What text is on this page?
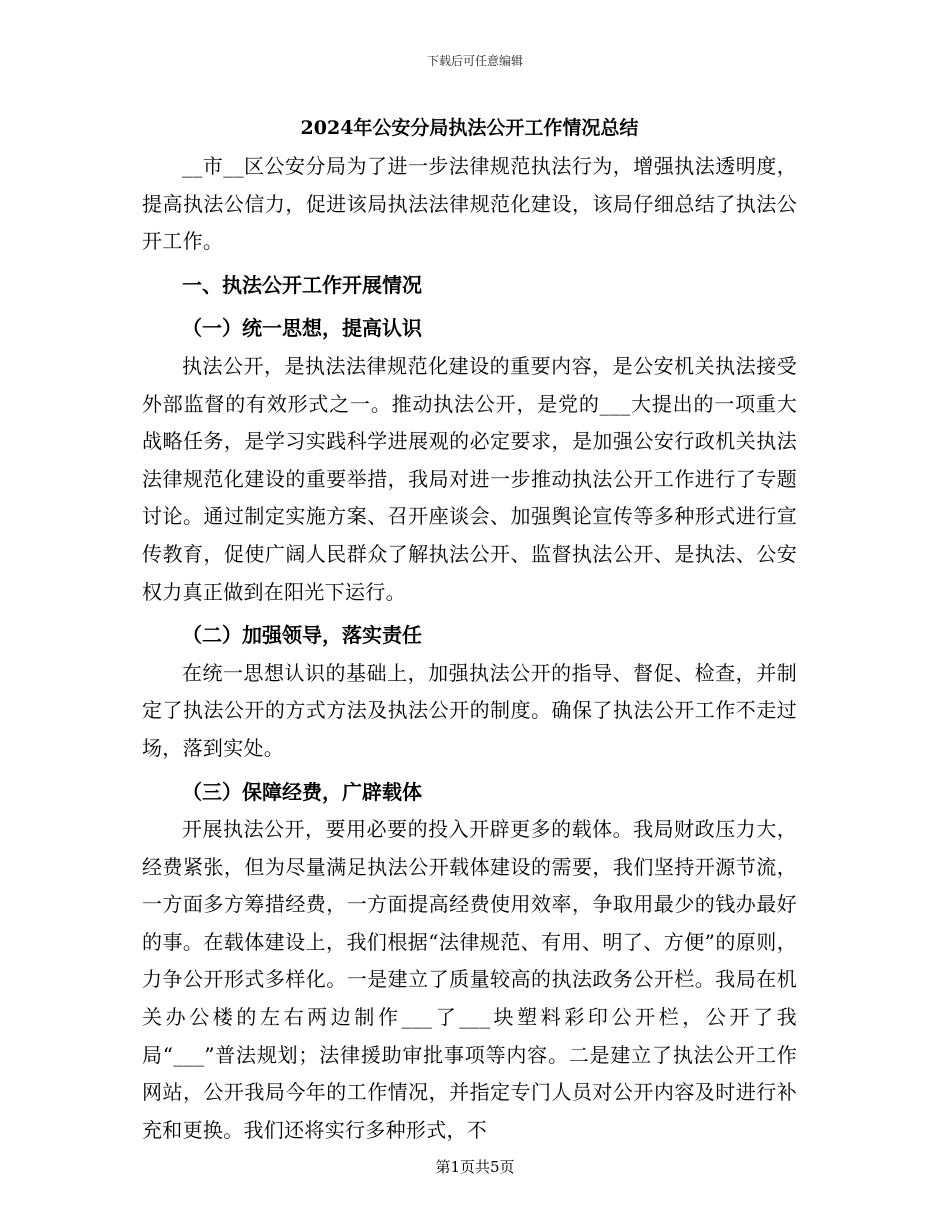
下载后可任意编辑
2024年公安分局执法公开工作情况总结

__市__区公安分局为了进一步法律规范执法行为，增强执法透明度，提高执法公信力，促进该局执法法律规范化建设，该局仔细总结了执法公开工作。

一、执法公开工作开展情况

（一）统一思想，提高认识

执法公开，是执法法律规范化建设的重要内容，是公安机关执法接受外部监督的有效形式之一。推动执法公开，是党的___大提出的一项重大战略任务，是学习实践科学进展观的必定要求，是加强公安行政机关执法法律规范化建设的重要举措，我局对进一步推动执法公开工作进行了专题讨论。通过制定实施方案、召开座谈会、加强舆论宣传等多种形式进行宣传教育，促使广阔人民群众了解执法公开、监督执法公开、是执法、公安权力真正做到在阳光下运行。

（二）加强领导，落实责任

在统一思想认识的基础上，加强执法公开的指导、督促、检查，并制定了执法公开的方式方法及执法公开的制度。确保了执法公开工作不走过场，落到实处。

（三）保障经费，广辟载体

开展执法公开，要用必要的投入开辟更多的载体。我局财政压力大，经费紧张，但为尽量满足执法公开载体建设的需要，我们坚持开源节流，一方面多方筹措经费，一方面提高经费使用效率，争取用最少的钱办最好的事。在载体建设上，我们根据“法律规范、有用、明了、方便”的原则，力争公开形式多样化。一是建立了质量较高的执法政务公开栏。我局在机关办公楼的左右两边制作___了___块塑料彩印公开栏，公开了我局“___”普法规划；法律援助审批事项等内容。二是建立了执法公开工作网站，公开我局今年的工作情况，并指定专门人员对公开内容及时进行补充和更换。我们还将实行多种形式，不

第1页共5页
